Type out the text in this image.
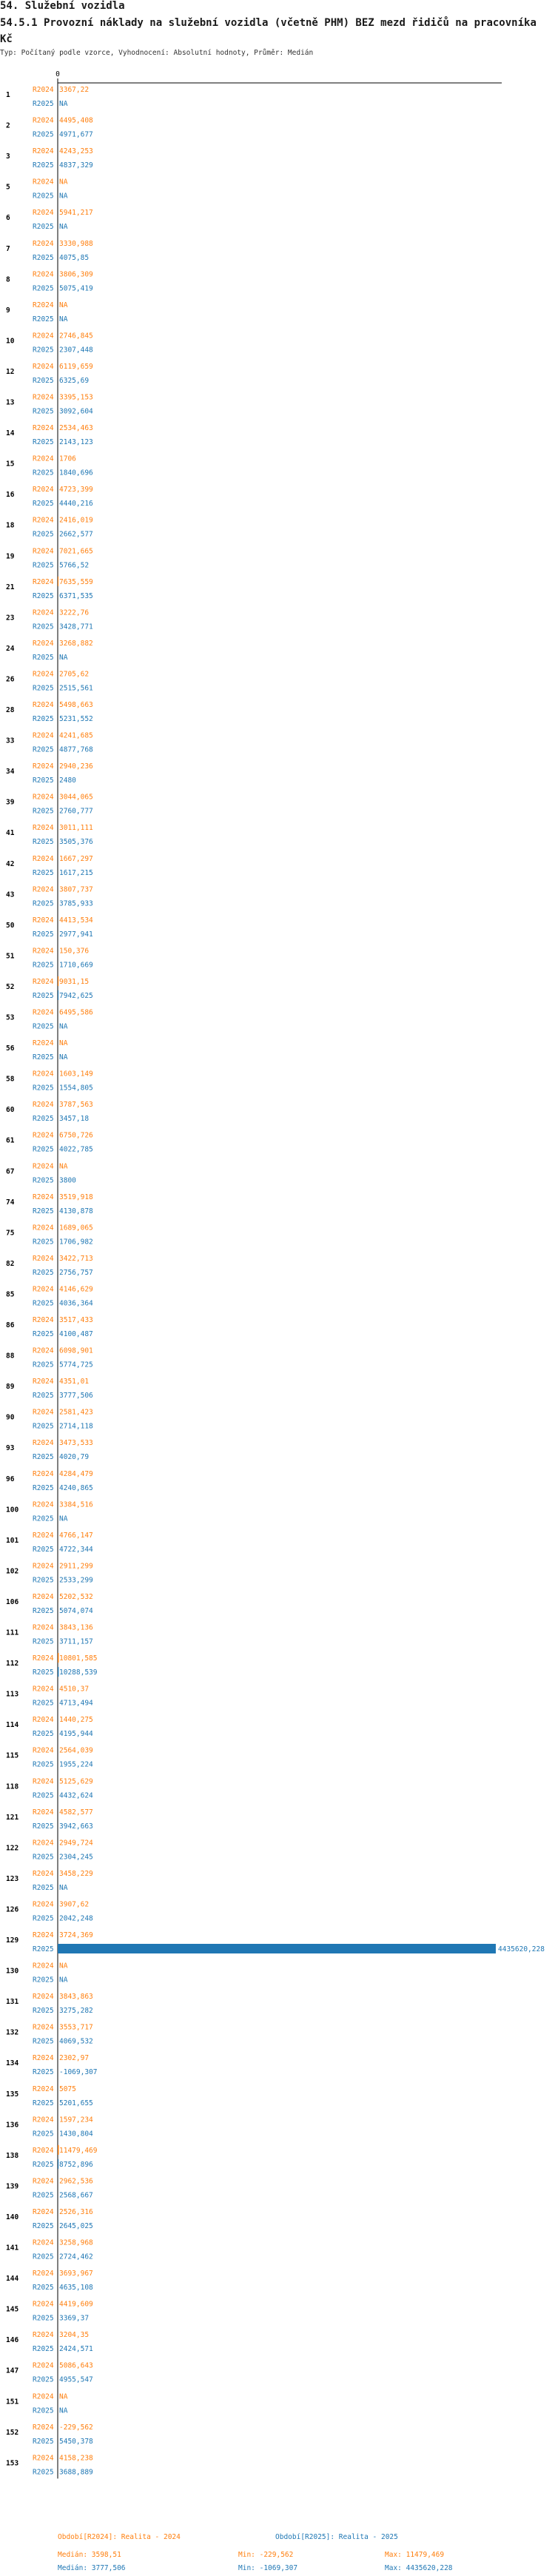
54. Služební vozidla
54.5.1 Provozní náklady na služební vozidla (včetně PHM) BEZ mezd řidičů na pracovníka Kč
Typ: Počítaný podle vzorce, Vyhodnocení: Absolutní hodnoty, Průměr: Medián
0
1
R2024 3367,22
R2025 NA
2
R2024 4495,408
R2025 4971,677
3
R2024 4243,253
R2025 4837,329
5
R2024 NA
R2025 NA
6
R2024 5941,217
R2025 NA
7
R2024 3330,988
R2025 4075,85
8
R2024 3806,309
R2025 5075,419
9
R2024 NA
R2025 NA
10
R2024 2746,845
R2025 2307,448
12
R2024 6119,659
R2025 6325,69
13
R2024 3395,153
R2025 3092,604
14
R2024 2534,463
R2025 2143,123
15
R2024 1706
R2025 1840,696
16
R2024 4723,399
R2025 4440,216
18
R2024 2416,019
R2025 2662,577
19
R2024 7021,665
R2025 5766,52
21
R2024 7635,559
R2025 6371,535
23
R2024 3222,76
R2025 3428,771
24
R2024 3268,882
R2025 NA
26
R2024 2705,62
R2025 2515,561
28
R2024 5498,663
R2025 5231,552
33
R2024 4241,685
R2025 4877,768
34
R2024 2940,236
R2025 2480
39
R2024 3044,065
R2025 2760,777
41
R2024 3011,111
R2025 3505,376
42
R2024 1667,297
R2025 1617,215
43
R2024 3807,737
R2025 3785,933
50
R2024 4413,534
R2025 2977,941
51
R2024 150,376
R2025 1710,669
52
R2024 9031,15
R2025 7942,625
53
R2024 6495,586
R2025 NA
56
R2024 NA
R2025 NA
58
R2024 1603,149
R2025 1554,805
60
R2024 3787,563
R2025 3457,18
61
R2024 6750,726
R2025 4022,785
67
R2024 NA
R2025 3800
74
R2024 3519,918
R2025 4130,878
75
R2024 1689,065
R2025 1706,982
82
R2024 3422,713
R2025 2756,757
85
R2024 4146,629
R2025 4036,364
86
R2024 3517,433
R2025 4100,487
88
R2024 6098,901
R2025 5774,725
89
R2024 4351,01
R2025 3777,506
90
R2024 2581,423
R2025 2714,118
93
R2024 3473,533
R2025 4020,79
96
R2024 4284,479
R2025 4240,865
100
R2024 3384,516
R2025 NA
101
R2024 4766,147
R2025 4722,344
102
R2024 2911,299
R2025 2533,299
106
R2024 5202,532
R2025 5074,074
111
R2024 3843,136
R2025 3711,157
112
R2024 10801,585
R2025 10288,539
113
R2024 4510,37
R2025 4713,494
114
R2024 1440,275
R2025 4195,944
115
R2024 2564,039
R2025 1955,224
118
R2024 5125,629
R2025 4432,624
121
R2024 4582,577
R2025 3942,663
122
R2024 2949,724
R2025 2304,245
123
R2024 3458,229
R2025 NA
126
R2024 3907,62
R2025 2042,248
129
R2024 3724,369
R2025	4435620,228
130
R2024 NA
R2025 NA
131
R2024 3843,863
R2025 3275,282
132
R2024 3553,717
R2025 4069,532
134
R2024 2302,97
R2025 -1069,307
135
R2024 5075
R2025 5201,655
136
R2024 1597,234
R2025 1430,804
138
R2024 11479,469
R2025 8752,896
139
R2024 2962,536
R2025 2568,667
140
R2024 2526,316
R2025 2645,025
141
R2024 3258,968
R2025 2724,462
144
R2024 3693,967
R2025 4635,108
145
R2024 4419,609
R2025 3369,37
146
R2024 3204,35
R2025 2424,571
147
R2024 5086,643
R2025 4955,547
151
R2024 NA
R2025 NA
152
R2024 -229,562
R2025 5450,378
153
R2024 4158,238
R2025 3688,889
Období[R2024]: Realita - 2024	Období[R2025]: Realita - 2025
Medián: 3598,51	Min: -229,562	Max: 11479,469
Medián: 3777,506	Min: -1069,307	Max: 4435620,228
